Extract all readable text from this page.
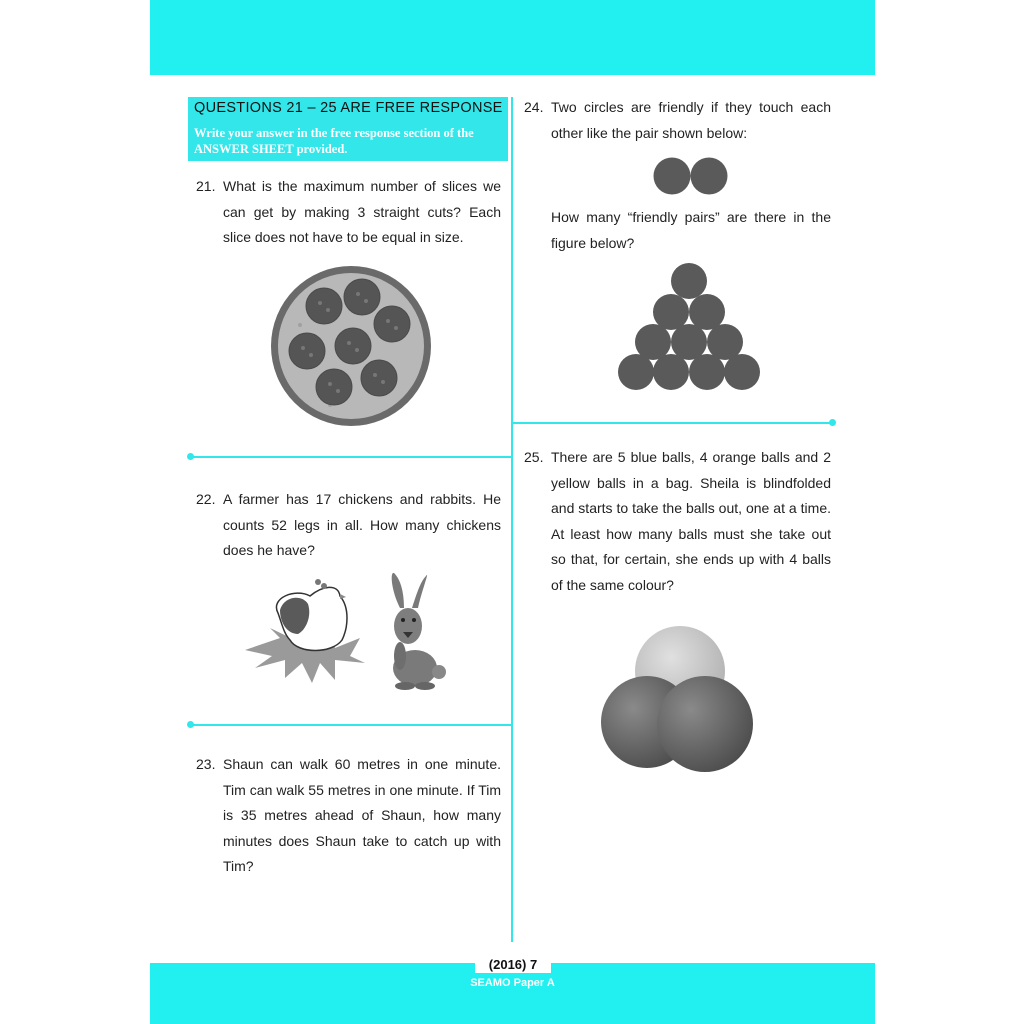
QUESTIONS 21 – 25 ARE FREE RESPONSE
Write your answer in the free response section of the ANSWER SHEET provided.
21. What is the maximum number of slices we can get by making 3 straight cuts? Each slice does not have to be equal in size.
22. A farmer has 17 chickens and rabbits. He counts 52 legs in all. How many chickens does he have?
23. Shaun can walk 60 metres in one minute. Tim can walk 55 metres in one minute. If Tim is 35 metres ahead of Shaun, how many minutes does Shaun take to catch up with Tim?
24. Two circles are friendly if they touch each other like the pair shown below:
How many “friendly pairs” are there in the figure below?
25. There are 5 blue balls, 4 orange balls and 2 yellow balls in a bag. Sheila is blindfolded and starts to take the balls out, one at a time. At least how many balls must she take out so that, for certain, she ends up with 4 balls of the same colour?
(2016) 7
SEAMO Paper A
